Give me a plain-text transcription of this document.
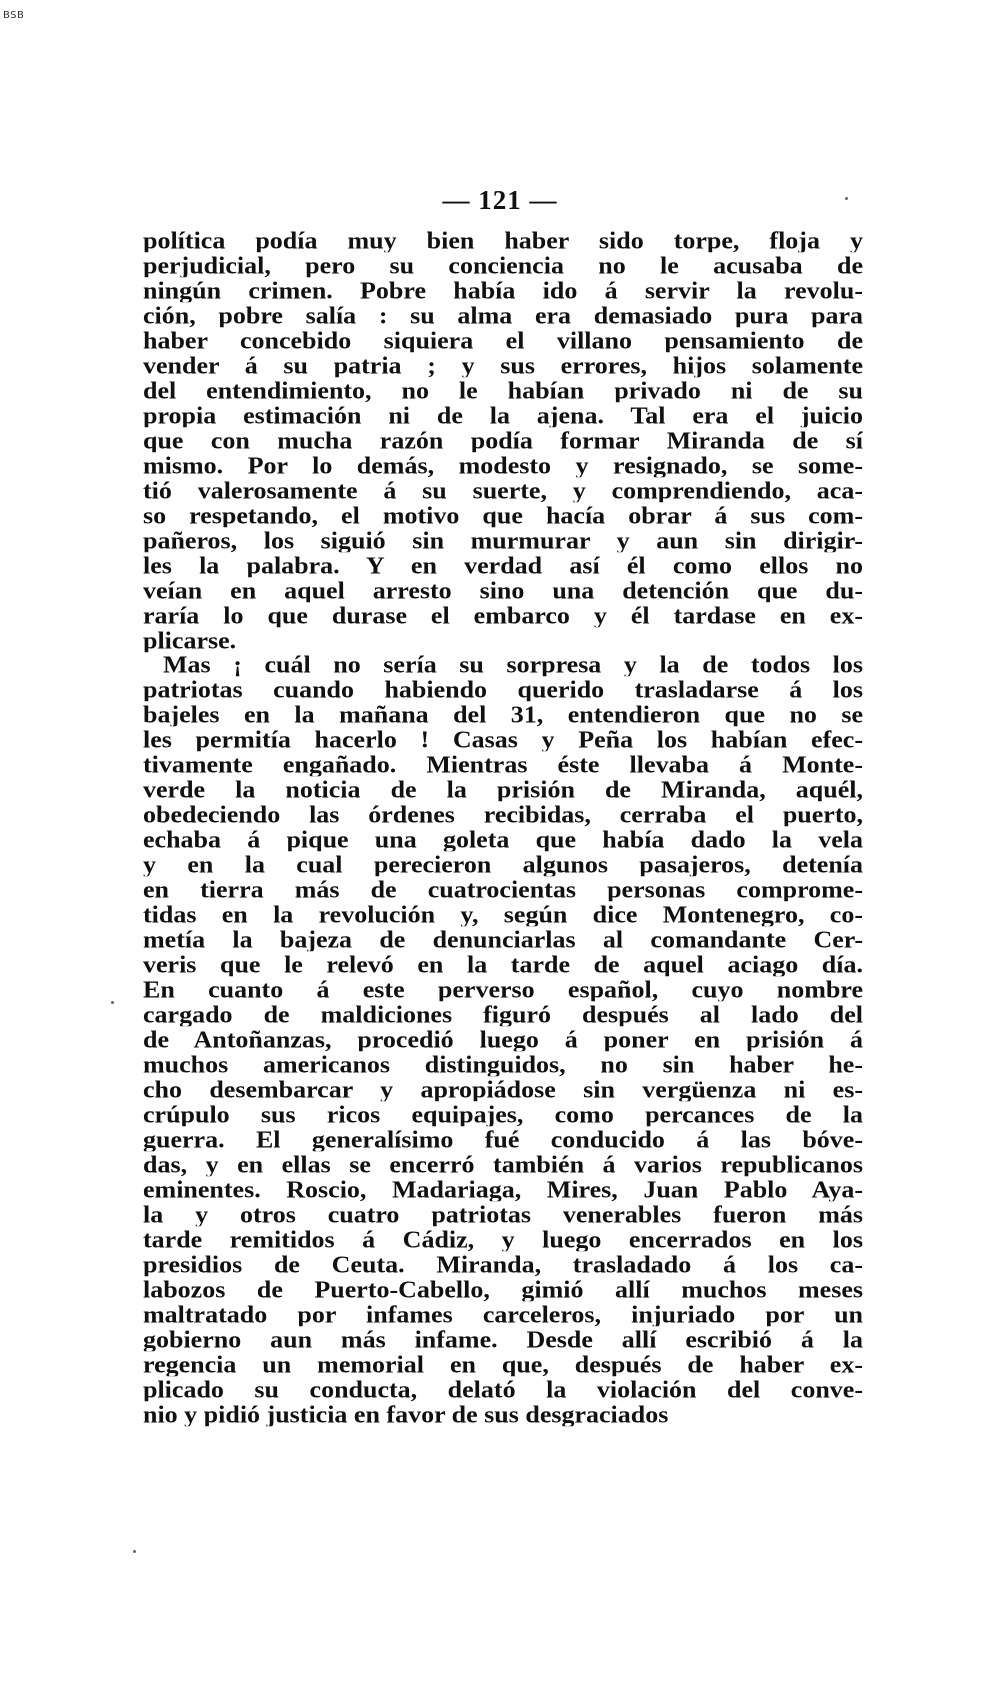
BSB
— 121 —
política podía muy bien haber sido torpe, floja y
perjudicial, pero su conciencia no le acusaba de
ningún crimen. Pobre había ido á servir la revolu-
ción, pobre salía : su alma era demasiado pura para
haber concebido siquiera el villano pensamiento de
vender á su patria ; y sus errores, hijos solamente
del entendimiento, no le habían privado ni de su
propia estimación ni de la ajena. Tal era el juicio
que con mucha razón podía formar Miranda de sí
mismo. Por lo demás, modesto y resignado, se some-
tió valerosamente á su suerte, y comprendiendo, aca-
so respetando, el motivo que hacía obrar á sus com-
pañeros, los siguió sin murmurar y aun sin dirigir-
les la palabra. Y en verdad así él como ellos no
veían en aquel arresto sino una detención que du-
raría lo que durase el embarco y él tardase en ex-
plicarse.
Mas ¡ cuál no sería su sorpresa y la de todos los
patriotas cuando habiendo querido trasladarse á los
bajeles en la mañana del 31, entendieron que no se
les permitía hacerlo ! Casas y Peña los habían efec-
tivamente engañado. Mientras éste llevaba á Monte-
verde la noticia de la prisión de Miranda, aquél,
obedeciendo las órdenes recibidas, cerraba el puerto,
echaba á pique una goleta que había dado la vela
y en la cual perecieron algunos pasajeros, detenía
en tierra más de cuatrocientas personas comprome-
tidas en la revolución y, según dice Montenegro, co-
metía la bajeza de denunciarlas al comandante Cer-
veris que le relevó en la tarde de aquel aciago día.
En cuanto á este perverso español, cuyo nombre
cargado de maldiciones figuró después al lado del
de Antoñanzas, procedió luego á poner en prisión á
muchos americanos distinguidos, no sin haber he-
cho desembarcar y apropiádose sin vergüenza ni es-
crúpulo sus ricos equipajes, como percances de la
guerra. El generalísimo fué conducido á las bóve-
das, y en ellas se encerró también á varios republicanos
eminentes. Roscio, Madariaga, Mires, Juan Pablo Aya-
la y otros cuatro patriotas venerables fueron más
tarde remitidos á Cádiz, y luego encerrados en los
presidios de Ceuta. Miranda, trasladado á los ca-
labozos de Puerto-Cabello, gimió allí muchos meses
maltratado por infames carceleros, injuriado por un
gobierno aun más infame. Desde allí escribió á la
regencia un memorial en que, después de haber ex-
plicado su conducta, delató la violación del conve-
nio y pidió justicia en favor de sus desgraciados
